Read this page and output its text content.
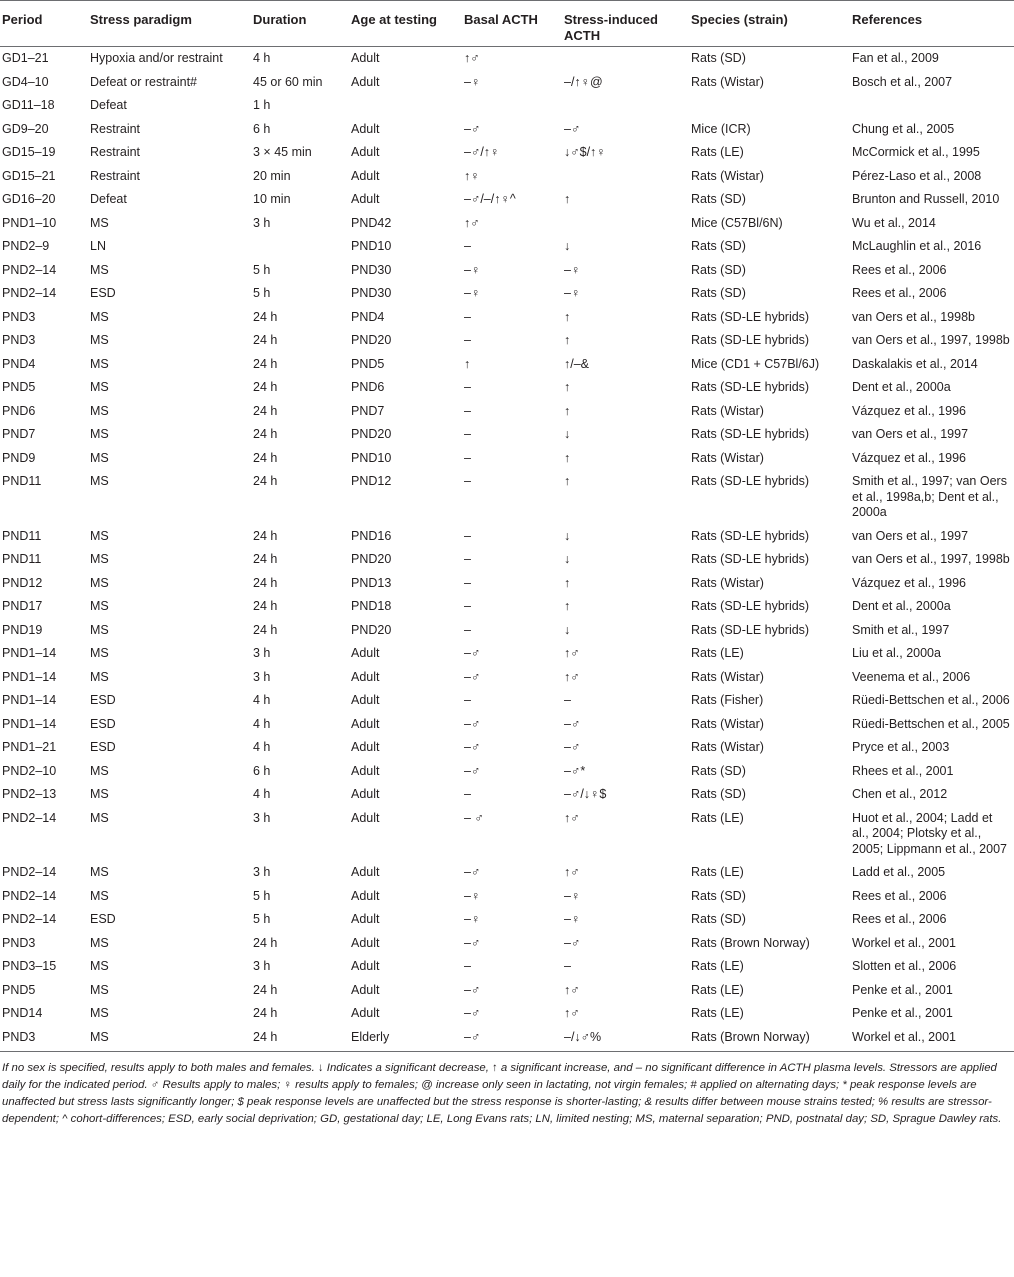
Period	Stress paradigm	Duration	Age at testing	Basal ACTH	Stress-induced ACTH	Species (strain)	References
GD1–21	Hypoxia and/or restraint	4 h	Adult	↑♂		Rats (SD)	Fan et al., 2009
GD4–10	Defeat or restraint#	45 or 60 min	Adult	–♀	–/↑♀@	Rats (Wistar)	Bosch et al., 2007
GD11–18	Defeat	1 h					
GD9–20	Restraint	6 h	Adult	–♂	–♂	Mice (ICR)	Chung et al., 2005
GD15–19	Restraint	3 × 45 min	Adult	–♂/↑♀	↓♂$/↑♀	Rats (LE)	McCormick et al., 1995
GD15–21	Restraint	20 min	Adult	↑♀		Rats (Wistar)	Pérez-Laso et al., 2008
GD16–20	Defeat	10 min	Adult	–♂/–/↑♀^	↑	Rats (SD)	Brunton and Russell, 2010
PND1–10	MS	3 h	PND42	↑♂		Mice (C57Bl/6N)	Wu et al., 2014
PND2–9	LN		PND10	–	↓	Rats (SD)	McLaughlin et al., 2016
PND2–14	MS	5 h	PND30	–♀	–♀	Rats (SD)	Rees et al., 2006
PND2–14	ESD	5 h	PND30	–♀	–♀	Rats (SD)	Rees et al., 2006
PND3	MS	24 h	PND4	–	↑	Rats (SD-LE hybrids)	van Oers et al., 1998b
PND3	MS	24 h	PND20	–	↑	Rats (SD-LE hybrids)	van Oers et al., 1997, 1998b
PND4	MS	24 h	PND5	↑	↑/–&	Mice (CD1 + C57Bl/6J)	Daskalakis et al., 2014
PND5	MS	24 h	PND6	–	↑	Rats (SD-LE hybrids)	Dent et al., 2000a
PND6	MS	24 h	PND7	–	↑	Rats (Wistar)	Vázquez et al., 1996
PND7	MS	24 h	PND20	–	↓	Rats (SD-LE hybrids)	van Oers et al., 1997
PND9	MS	24 h	PND10	–	↑	Rats (Wistar)	Vázquez et al., 1996
PND11	MS	24 h	PND12	–	↑	Rats (SD-LE hybrids)	Smith et al., 1997; van Oers et al., 1998a,b; Dent et al., 2000a
PND11	MS	24 h	PND16	–	↓	Rats (SD-LE hybrids)	van Oers et al., 1997
PND11	MS	24 h	PND20	–	↓	Rats (SD-LE hybrids)	van Oers et al., 1997, 1998b
PND12	MS	24 h	PND13	–	↑	Rats (Wistar)	Vázquez et al., 1996
PND17	MS	24 h	PND18	–	↑	Rats (SD-LE hybrids)	Dent et al., 2000a
PND19	MS	24 h	PND20	–	↓	Rats (SD-LE hybrids)	Smith et al., 1997
PND1–14	MS	3 h	Adult	–♂	↑♂	Rats (LE)	Liu et al., 2000a
PND1–14	MS	3 h	Adult	–♂	↑♂	Rats (Wistar)	Veenema et al., 2006
PND1–14	ESD	4 h	Adult	–	–	Rats (Fisher)	Rüedi-Bettschen et al., 2006
PND1–14	ESD	4 h	Adult	–♂	–♂	Rats (Wistar)	Rüedi-Bettschen et al., 2005
PND1–21	ESD	4 h	Adult	–♂	–♂	Rats (Wistar)	Pryce et al., 2003
PND2–10	MS	6 h	Adult	–♂	–♂*	Rats (SD)	Rhees et al., 2001
PND2–13	MS	4 h	Adult	–	–♂/↓♀$	Rats (SD)	Chen et al., 2012
PND2–14	MS	3 h	Adult	– ♂	↑♂	Rats (LE)	Huot et al., 2004; Ladd et al., 2004; Plotsky et al., 2005; Lippmann et al., 2007
PND2–14	MS	3 h	Adult	–♂	↑♂	Rats (LE)	Ladd et al., 2005
PND2–14	MS	5 h	Adult	–♀	–♀	Rats (SD)	Rees et al., 2006
PND2–14	ESD	5 h	Adult	–♀	–♀	Rats (SD)	Rees et al., 2006
PND3	MS	24 h	Adult	–♂	–♂	Rats (Brown Norway)	Workel et al., 2001
PND3–15	MS	3 h	Adult	–	–	Rats (LE)	Slotten et al., 2006
PND5	MS	24 h	Adult	–♂	↑♂	Rats (LE)	Penke et al., 2001
PND14	MS	24 h	Adult	–♂	↑♂	Rats (LE)	Penke et al., 2001
PND3	MS	24 h	Elderly	–♂	–/↓♂%	Rats (Brown Norway)	Workel et al., 2001
If no sex is specified, results apply to both males and females. ↓ Indicates a significant decrease, ↑ a significant increase, and – no significant difference in ACTH plasma levels. Stressors are applied daily for the indicated period. ♂ Results apply to males; ♀ results apply to females; @ increase only seen in lactating, not virgin females; # applied on alternating days; * peak response levels are unaffected but stress lasts significantly longer; $ peak response levels are unaffected but the stress response is shorter-lasting; & results differ between mouse strains tested; % results are stressor-dependent; ^ cohort-differences; ESD, early social deprivation; GD, gestational day; LE, Long Evans rats; LN, limited nesting; MS, maternal separation; PND, postnatal day; SD, Sprague Dawley rats.
